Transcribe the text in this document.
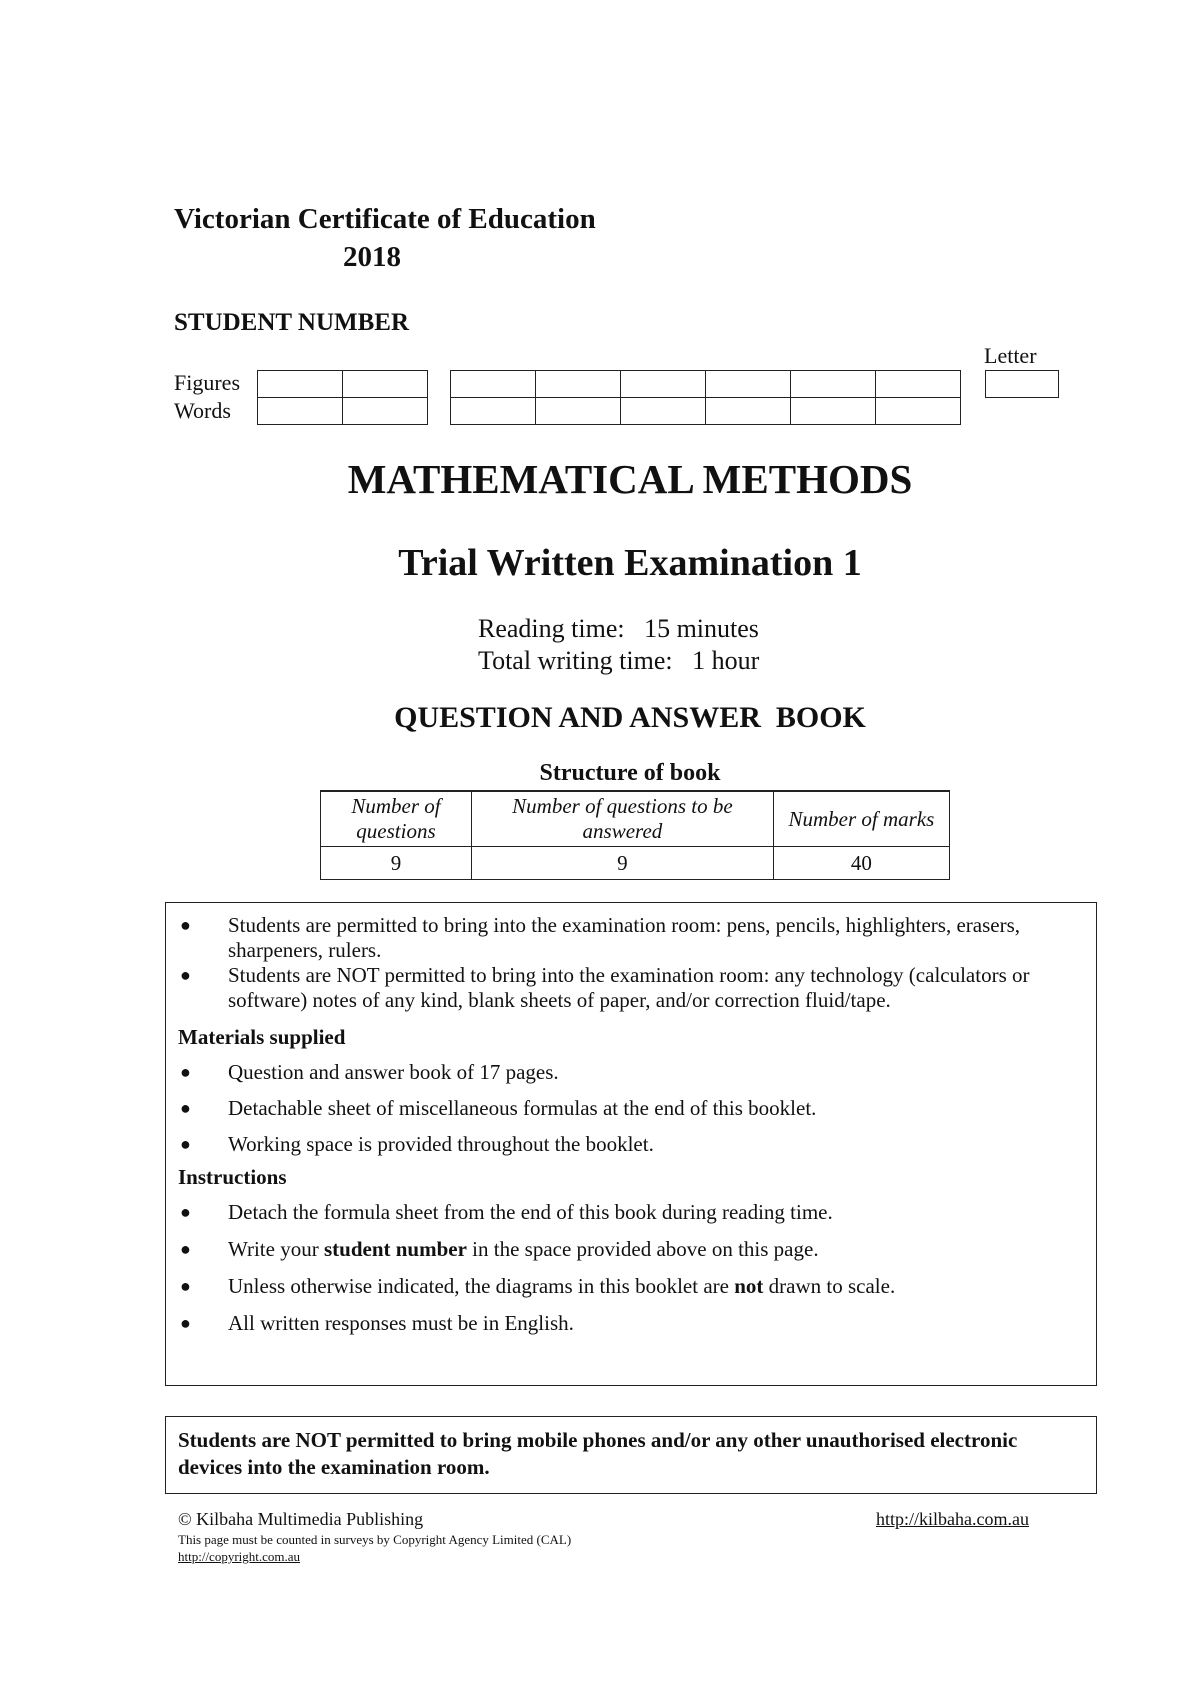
Victorian Certificate of Education
2018
STUDENT NUMBER
Figures
Words
Letter

MATHEMATICAL METHODS
Trial Written Examination 1
Reading time:   15 minutes
Total writing time:   1 hour
QUESTION AND ANSWER  BOOK
Structure of book
Number of questions	Number of questions to be answered	Number of marks
9	9	40
● Students are permitted to bring into the examination room: pens, pencils, highlighters, erasers, sharpeners, rulers.
● Students are NOT permitted to bring into the examination room: any technology (calculators or software) notes of any kind, blank sheets of paper, and/or correction fluid/tape.
Materials supplied
● Question and answer book of 17 pages.
● Detachable sheet of miscellaneous formulas at the end of this booklet.
● Working space is provided throughout the booklet.
Instructions
● Detach the formula sheet from the end of this book during reading time.
● Write your student number in the space provided above on this page.
● Unless otherwise indicated, the diagrams in this booklet are not drawn to scale.
● All written responses must be in English.

Students are NOT permitted to bring mobile phones and/or any other unauthorised electronic devices into the examination room.

© Kilbaha Multimedia Publishing
This page must be counted in surveys by Copyright Agency Limited (CAL)
http://copyright.com.au
http://kilbaha.com.au
